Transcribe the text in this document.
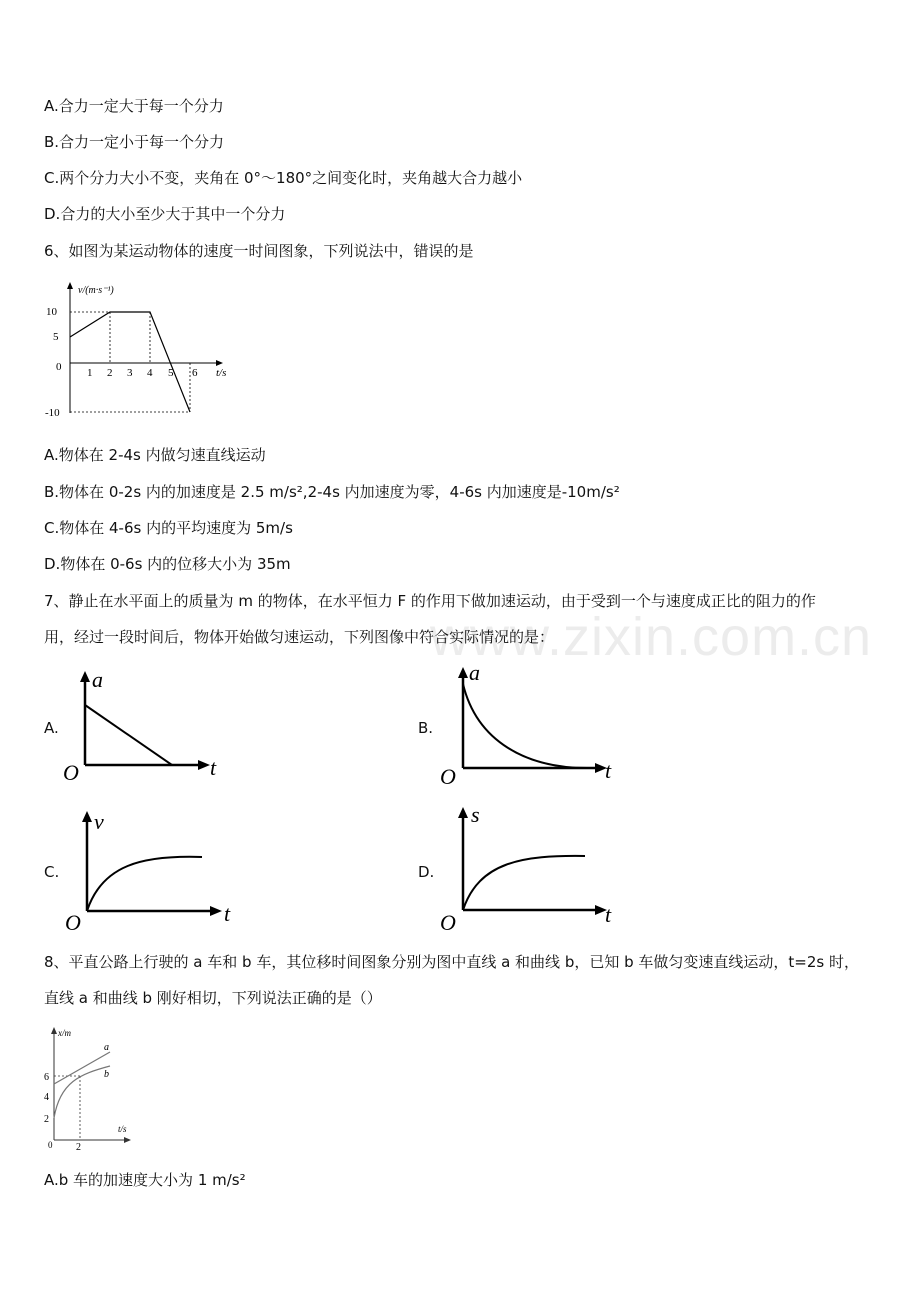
www.zixin.com.cn
A.合力一定大于每一个分力
B.合力一定小于每一个分力
C.两个分力大小不变，夹角在 0°～180°之间变化时，夹角越大合力越小
D.合力的大小至少大于其中一个分力
6、如图为某运动物体的速度一时间图象，下列说法中，错误的是
v/(m·s⁻¹)
t/s
10
5
0
-10
1 2 3 4 5 6
A.物体在 2-4s 内做匀速直线运动
B.物体在 0-2s 内的加速度是 2.5 m/s²,2-4s 内加速度为零，4-6s 内加速度是-10m/s²
C.物体在 4-6s 内的平均速度为 5m/s
D.物体在 0-6s 内的位移大小为 35m
7、静止在水平面上的质量为 m 的物体，在水平恒力 F 的作用下做加速运动，由于受到一个与速度成正比的阻力的作
用，经过一段时间后，物体开始做匀速运动，下列图像中符合实际情况的是：
A.
a
t
O
B.
a
t
O
C.
v
t
O
D.
s
t
O
8、平直公路上行驶的 a 车和 b 车，其位移时间图象分别为图中直线 a 和曲线 b，已知 b 车做匀变速直线运动，t=2s 时，
直线 a 和曲线 b 刚好相切，下列说法正确的是（）
x/m
t/s
6
4
2
0 2
a
b
A.b 车的加速度大小为 1 m/s²
